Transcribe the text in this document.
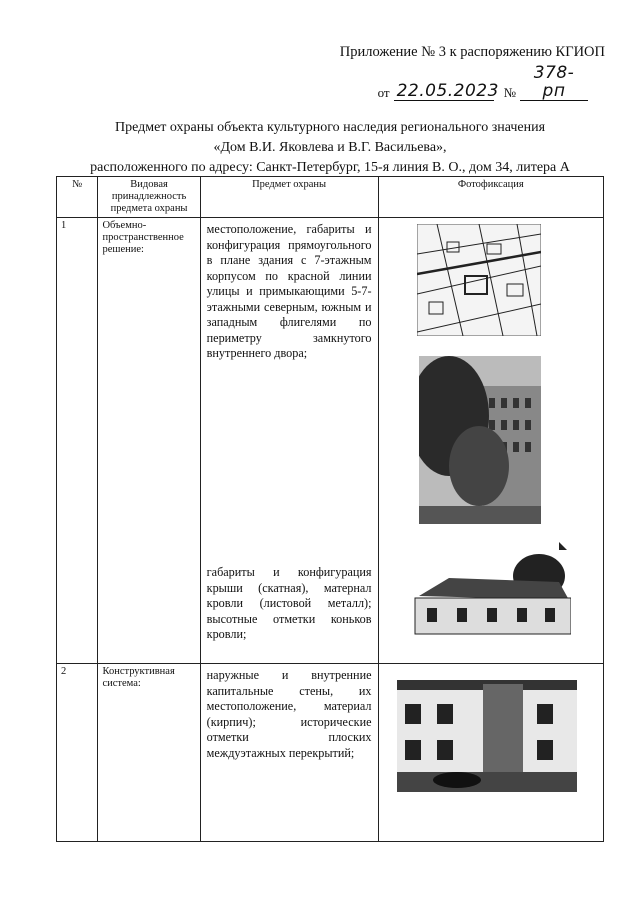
Приложение № 3 к распоряжению КГИОП
от 22.05.2023 №
378-рп
Предмет охраны объекта культурного наследия регионального значения
«Дом В.И. Яковлева и В.Г. Васильева»,
расположенного по адресу: Санкт-Петербург, 15-я линия В. О., дом 34, литера А
№	Видовая принадлежность предмета охраны	Предмет охраны	Фотофиксация
1	Объемно-пространственное решение:	местоположение, габариты и конфигурация прямоугольного в плане здания с 7-этажным корпусом по красной линии улицы и примыкающими 5-7-этажными северным, южным и западным флигелями по периметру замкнутого внутреннего двора;
габариты и конфигурация крыши (скатная), матернал кровли (листовой металл); высотные отметки коньков кровли;

2	Конструктивная система:	наружные и внутренние капитальные стены, их местоположение, материал (кирпич); исторические отметки плоских междуэтажных перекрытий;
